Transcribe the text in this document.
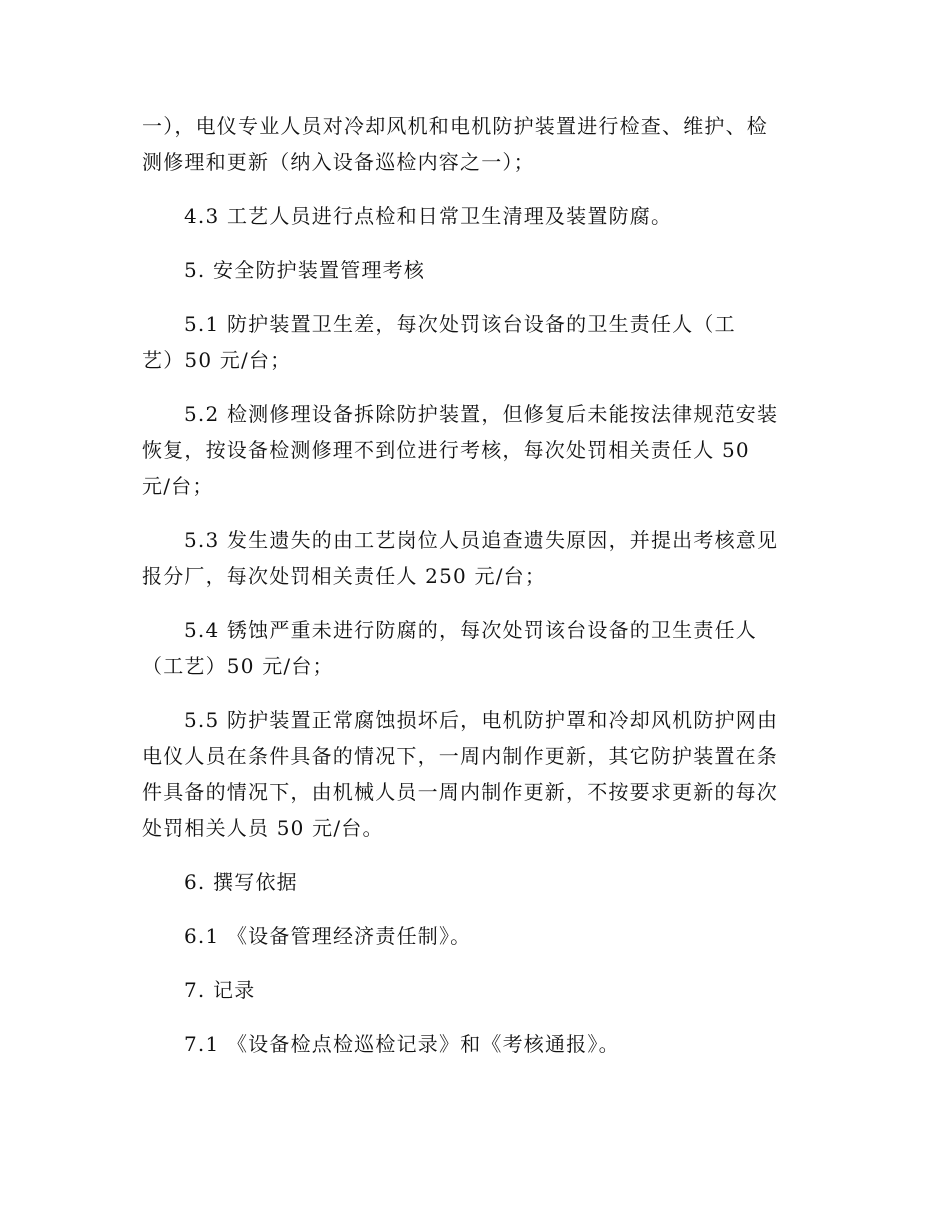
一），电仪专业人员对冷却风机和电机防护装置进行检查、维护、检

测修理和更新（纳入设备巡检内容之一）；

4.3 工艺人员进行点检和日常卫生清理及装置防腐。

5. 安全防护装置管理考核

5.1 防护装置卫生差，每次处罚该台设备的卫生责任人（工

艺）50 元/台；

5.2 检测修理设备拆除防护装置，但修复后未能按法律规范安装

恢复，按设备检测修理不到位进行考核，每次处罚相关责任人 50

元/台；

5.3 发生遗失的由工艺岗位人员追查遗失原因，并提出考核意见

报分厂，每次处罚相关责任人 250 元/台；

5.4 锈蚀严重未进行防腐的，每次处罚该台设备的卫生责任人

（工艺）50 元/台；

5.5 防护装置正常腐蚀损坏后，电机防护罩和冷却风机防护网由

电仪人员在条件具备的情况下，一周内制作更新，其它防护装置在条

件具备的情况下，由机械人员一周内制作更新，不按要求更新的每次

处罚相关人员 50 元/台。

6. 撰写依据

6.1 《设备管理经济责任制》。

7. 记录

7.1 《设备检点检巡检记录》和《考核通报》。
